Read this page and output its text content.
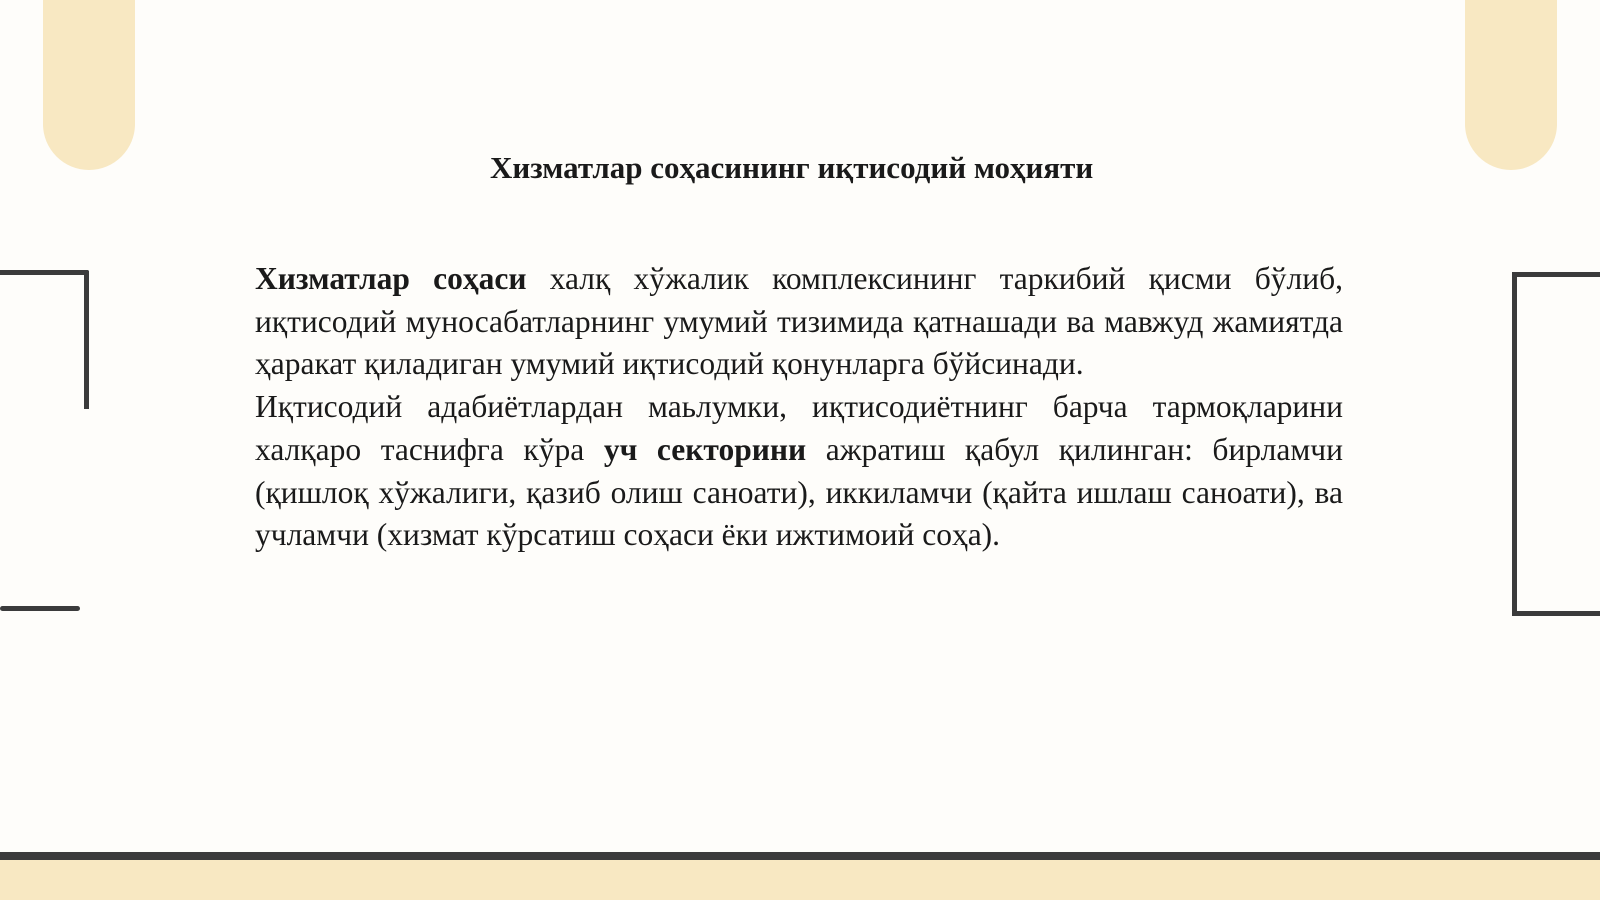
Хизматлар соҳасининг иқтисодий моҳияти

Хизматлар соҳаси халқ хўжалик комплексининг таркибий қисми бўлиб, иқтисодий муносабатларнинг умумий тизимида қатнашади ва мавжуд жамиятда ҳаракат қиладиган умумий иқтисодий қонунларга бўйсинади.

Иқтисодий адабиётлардан маьлумки, иқтисодиётнинг барча тармоқларини халқаро таснифга кўра уч секторини ажратиш қабул қилинган: бирламчи (қишлоқ хўжалиги, қазиб олиш саноати), иккиламчи (қайта ишлаш саноати), ва учламчи (хизмат кўрсатиш соҳаси ёки ижтимоий соҳа).
